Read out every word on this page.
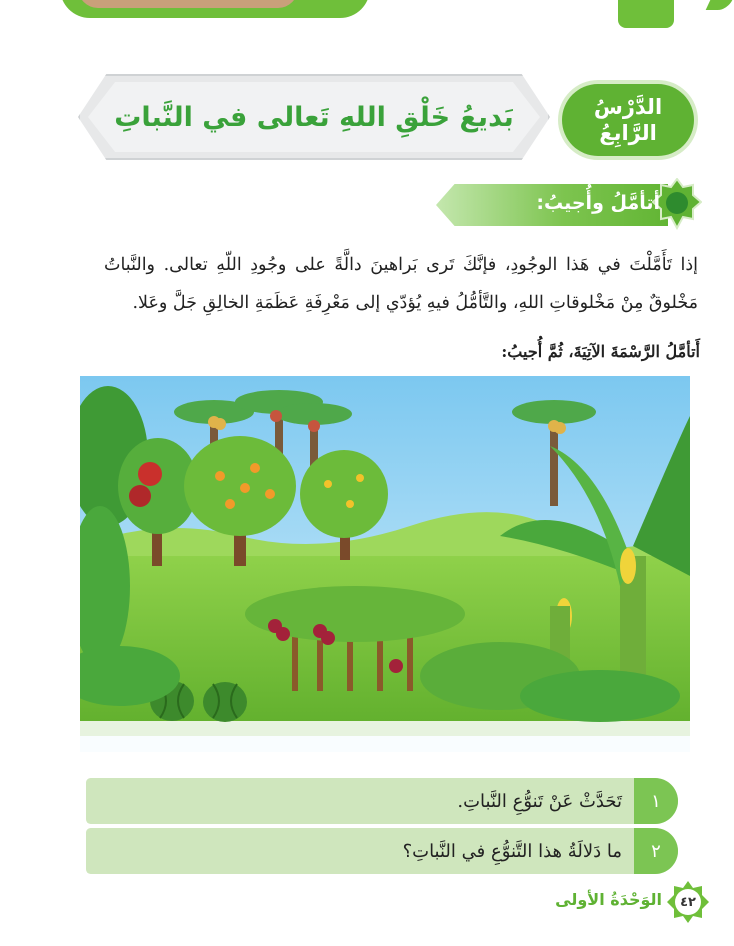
بَديعُ خَلْقِ اللهِ تَعالى في النَّباتِ	الدَّرْسُ
الرَّابِعُ
أتأمَّلُ وأُجيبُ:
إذا تَأَمَّلْتَ في هَذا الوجُودِ، فإنَّكَ تَرى بَراهينَ دالَّةً على وجُودِ اللّهِ تعالى. والنَّباتُ مَخْلوقٌ مِنْ مَخْلوقاتِ اللهِ، والتَّأمُّلُ فيهِ يُؤدّي إلى مَعْرِفَةِ عَظَمَةِ الخالِقِ جَلَّ وعَلا.
أَتأمَّلُ الرَّسْمَةَ الآتِيَةَ، ثُمَّ أُجيبُ:
١
تَحَدَّثْ عَنْ تَنوُّعِ النَّباتِ.
٢
ما دَلالَةُ هذا التَّنوُّعِ في النَّباتِ؟
الوَحْدَةُ الأولى	٤٢
